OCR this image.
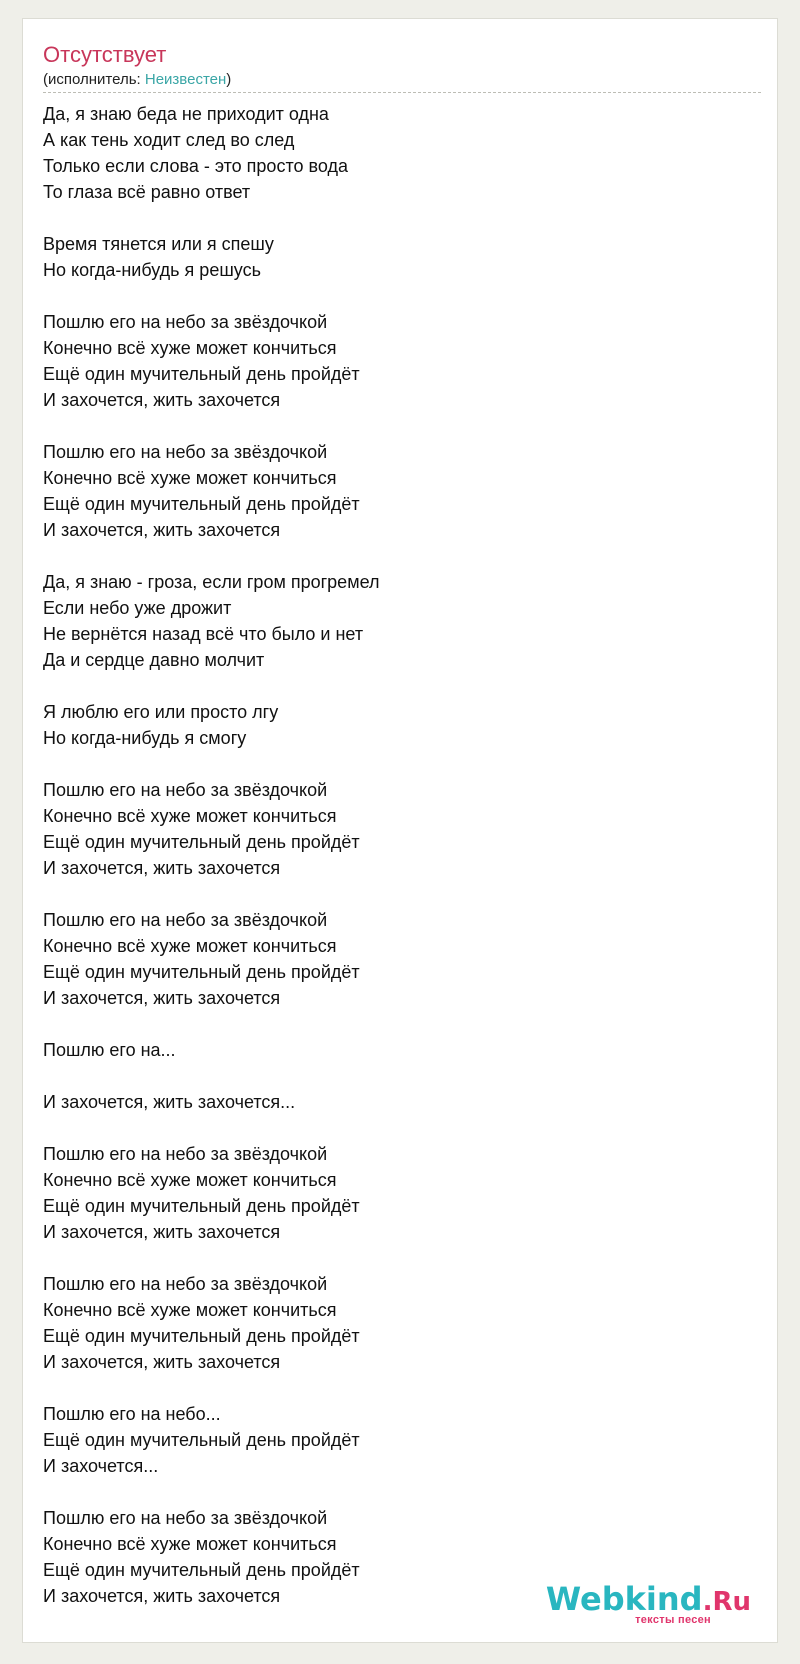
Отсутствует
(исполнитель: Неизвестен)
Да, я знаю беда не приходит одна
А как тень ходит след во след
Только если слова - это просто вода
То глаза всё равно ответ
Время тянется или я спешу
Но когда-нибудь я решусь
Пошлю его на небо за звёздочкой
Конечно всё хуже может кончиться
Ещё один мучительный день пройдёт
И захочется, жить захочется
Пошлю его на небо за звёздочкой
Конечно всё хуже может кончиться
Ещё один мучительный день пройдёт
И захочется, жить захочется
Да, я знаю - гроза, если гром прогремел
Если небо уже дрожит
Не вернётся назад всё что было и нет
Да и сердце давно молчит
Я люблю его или просто лгу
Но когда-нибудь я смогу
Пошлю его на небо за звёздочкой
Конечно всё хуже может кончиться
Ещё один мучительный день пройдёт
И захочется, жить захочется
Пошлю его на небо за звёздочкой
Конечно всё хуже может кончиться
Ещё один мучительный день пройдёт
И захочется, жить захочется
Пошлю его на...
И захочется, жить захочется...
Пошлю его на небо за звёздочкой
Конечно всё хуже может кончиться
Ещё один мучительный день пройдёт
И захочется, жить захочется
Пошлю его на небо за звёздочкой
Конечно всё хуже может кончиться
Ещё один мучительный день пройдёт
И захочется, жить захочется
Пошлю его на небо...
Ещё один мучительный день пройдёт
И захочется...
Пошлю его на небо за звёздочкой
Конечно всё хуже может кончиться
Ещё один мучительный день пройдёт
И захочется, жить захочется	Webkind.Ru
тексты песен
